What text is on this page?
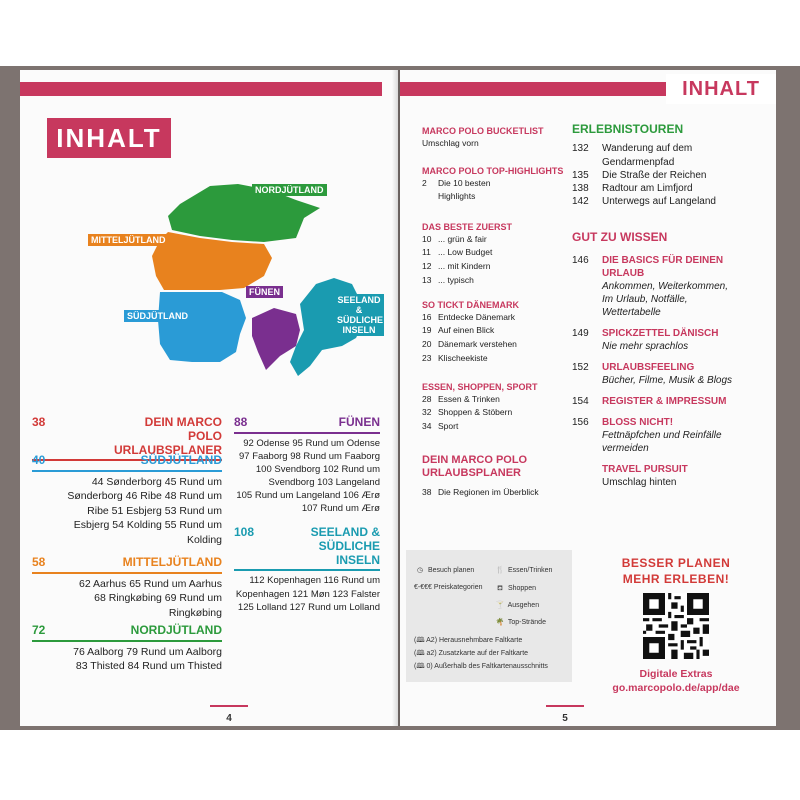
INHALT
NORDJÜTLAND
MITTELJÜTLAND
SÜDJÜTLAND
FÜNEN
SEELAND & SÜDLICHE INSELN
38	DEIN MARCO POLO URLAUBSPLANER
40	SÜDJÜTLAND
44 Sønderborg 45 Rund um
Sønderborg 46 Ribe 48 Rund um
Ribe 51 Esbjerg 53 Rund um
Esbjerg 54 Kolding 55 Rund um
Kolding
58	MITTELJÜTLAND
62 Aarhus 65 Rund um Aarhus
68 Ringkøbing 69 Rund um
Ringkøbing
72	NORDJÜTLAND
76 Aalborg 79 Rund um Aalborg
83 Thisted 84 Rund um Thisted
88	FÜNEN
92 Odense 95 Rund um Odense
97 Faaborg 98 Rund um Faaborg
100 Svendborg 102 Rund um
Svendborg 103 Langeland
105 Rund um Langeland 106 Ærø
107 Rund um Ærø
108	SEELAND & SÜDLICHE INSELN
112 Kopenhagen 116 Rund um
Kopenhagen 121 Møn 123 Falster
125 Lolland 127 Rund um Lolland
4
INHALT
MARCO POLO BUCKETLIST
Umschlag vorn
MARCO POLO TOP-HIGHLIGHTS
2	Die 10 besten
Highlights
DAS BESTE ZUERST
10 ... grün & fair
11 ... Low Budget
12 ... mit Kindern
13 ... typisch
SO TICKT DÄNEMARK
16 Entdecke Dänemark
19 Auf einen Blick
20 Dänemark verstehen
23 Klischeekiste
ESSEN, SHOPPEN, SPORT
28 Essen & Trinken
32 Shoppen & Stöbern
34 Sport
DEIN MARCO POLO
URLAUBSPLANER
38 Die Regionen im Überblick
ERLEBNISTOUREN
132	Wanderung auf dem
Gendarmenpfad
135	Die Straße der Reichen
138	Radtour am Limfjord
142	Unterwegs auf Langeland
GUT ZU WISSEN
146	DIE BASICS FÜR DEINEN
URLAUB
Ankommen, Weiterkommen,
Im Urlaub, Notfälle,
Wettertabelle
149	SPICKZETTEL DÄNISCH
Nie mehr sprachlos
152	URLAUBSFEELING
Bücher, Filme, Musik & Blogs
154	REGISTER & IMPRESSUM
156	BLOSS NICHT!
Fettnäpfchen und Reinfälle
vermeiden
TRAVEL PURSUIT
Umschlag hinten
◷ Besuch planen
€-€€€ Preiskategorien
🍴 Essen/Trinken
⛾ Shoppen
🍸 Ausgehen
🌴 Top-Strände
(🕮 A2) Herausnehmbare Faltkarte
(🕮 a2) Zusatzkarte auf der Faltkarte
(🕮 0) Außerhalb des Faltkartenausschnitts
BESSER PLANEN
MEHR ERLEBEN!
Digitale Extras
go.marcopolo.de/app/dae
5
